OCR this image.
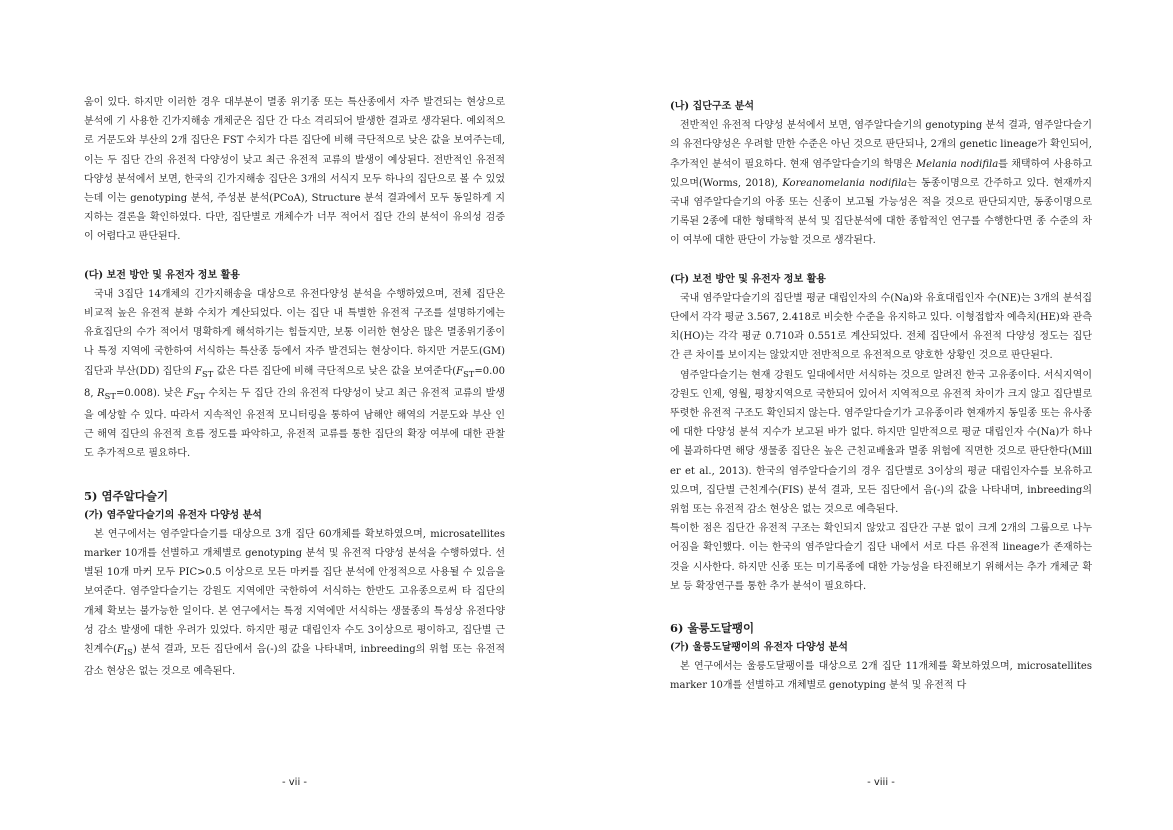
움이 있다. 하지만 이러한 경우 대부분이 멸종 위기종 또는 특산종에서 자주 발견되는 현상으로 분석에 기 사용한 긴가지해송 개체군은 집단 간 다소 격리되어 발생한 결과로 생각된다. 예외적으로 거문도와 부산의 2개 집단은 FST 수치가 다른 집단에 비해 극단적으로 낮은 값을 보여주는데, 이는 두 집단 간의 유전적 다양성이 낮고 최근 유전적 교류의 발생이 예상된다. 전반적인 유전적 다양성 분석에서 보면, 한국의 긴가지해송 집단은 3개의 서식지 모두 하나의 집단으로 볼 수 있었는데 이는 genotyping 분석, 주성분 분석(PCoA), Structure 분석 결과에서 모두 동일하게 지지하는 결론을 확인하였다. 다만, 집단별로 개체수가 너무 적어서 집단 간의 분석이 유의성 검증이 어렵다고 판단된다.

(다) 보전 방안 및 유전자 정보 활용

국내 3집단 14개체의 긴가지해송을 대상으로 유전다양성 분석을 수행하였으며, 전체 집단은 비교적 높은 유전적 분화 수치가 계산되었다. 이는 집단 내 특별한 유전적 구조를 설명하기에는 유효집단의 수가 적어서 명확하게 해석하기는 힘들지만, 보통 이러한 현상은 많은 멸종위기종이나 특정 지역에 국한하여 서식하는 특산종 등에서 자주 발견되는 현상이다. 하지만 거문도(GM) 집단과 부산(DD) 집단의 $F_{ST}$ 값은 다른 집단에 비해 극단적으로 낮은 값을 보여준다($F_{ST}=0.008$, $R_{ST}=0.008$). 낮은 $F_{ST}$ 수치는 두 집단 간의 유전적 다양성이 낮고 최근 유전적 교류의 발생을 예상할 수 있다. 따라서 지속적인 유전적 모니터링을 통하여 남해안 해역의 거문도와 부산 인근 해역 집단의 유전적 흐름 정도를 파악하고, 유전적 교류를 통한 집단의 확장 여부에 대한 관찰도 추가적으로 필요하다.

5) 염주알다슬기
(가) 염주알다슬기의 유전자 다양성 분석

본 연구에서는 염주알다슬기를 대상으로 3개 집단 60개체를 확보하였으며, microsatellites marker 10개를 선별하고 개체별로 genotyping 분석 및 유전적 다양성 분석을 수행하였다. 선별된 10개 마커 모두 PIC>0.5 이상으로 모든 마커를 집단 분석에 안정적으로 사용될 수 있음을 보여준다. 염주알다슬기는 강원도 지역에만 국한하여 서식하는 한반도 고유종으로써 타 집단의 개체 확보는 불가능한 일이다. 본 연구에서는 특정 지역에만 서식하는 생물종의 특성상 유전다양성 감소 발생에 대한 우려가 있었다. 하지만 평균 대립인자 수도 3이상으로 평이하고, 집단별 근친계수$(F_{IS})$ 분석 결과, 모든 집단에서 음(-)의 값을 나타내며, inbreeding의 위험 또는 유전적 감소 현상은 없는 것으로 예측된다.

- vii -
(나) 집단구조 분석

전반적인 유전적 다양성 분석에서 보면, 염주알다슬기의 genotyping 분석 결과, 염주알다슬기의 유전다양성은 우려할 만한 수준은 아닌 것으로 판단되나, 2개의 genetic lineage가 확인되어, 추가적인 분석이 필요하다. 현재 염주알다슬기의 학명은 Melania nodifila를 채택하여 사용하고 있으며(Worms, 2018), Koreanomelania nodifila는 동종이명으로 간주하고 있다. 현재까지 국내 염주알다슬기의 아종 또는 신종이 보고될 가능성은 적을 것으로 판단되지만, 동종이명으로 기록된 2종에 대한 형태학적 분석 및 집단분석에 대한 종합적인 연구를 수행한다면 종 수준의 차이 여부에 대한 판단이 가능할 것으로 생각된다.

(다) 보전 방안 및 유전자 정보 활용

국내 염주알다슬기의 집단별 평균 대립인자의 수(Na)와 유효대립인자 수(NE)는 3개의 분석집단에서 각각 평균 3.567, 2.418로 비슷한 수준을 유지하고 있다. 이형접합자 예측치(HE)와 관측치(HO)는 각각 평균 0.710과 0.551로 계산되었다. 전체 집단에서 유전적 다양성 정도는 집단 간 큰 차이를 보이지는 않았지만 전반적으로 유전적으로 양호한 상황인 것으로 판단된다.

염주알다슬기는 현재 강원도 일대에서만 서식하는 것으로 알려진 한국 고유종이다. 서식지역이 강원도 인제, 영월, 평창지역으로 국한되어 있어서 지역적으로 유전적 차이가 크지 않고 집단별로 뚜렷한 유전적 구조도 확인되지 않는다. 염주알다슬기가 고유종이라 현재까지 동일종 또는 유사종에 대한 다양성 분석 지수가 보고된 바가 없다. 하지만 일반적으로 평균 대립인자 수(Na)가 하나에 불과하다면 해당 생물종 집단은 높은 근친교배율과 멸종 위험에 직면한 것으로 판단한다(Miller et al., 2013). 한국의 염주알다슬기의 경우 집단별로 3이상의 평균 대립인자수를 보유하고 있으며, 집단별 근친계수(FIS) 분석 결과, 모든 집단에서 음(-)의 값을 나타내며, inbreeding의 위험 또는 유전적 감소 현상은 없는 것으로 예측된다.

특이한 점은 집단간 유전적 구조는 확인되지 않았고 집단간 구분 없이 크게 2개의 그룹으로 나누어짐을 확인했다. 이는 한국의 염주알다슬기 집단 내에서 서로 다른 유전적 lineage가 존재하는 것을 시사한다. 하지만 신종 또는 미기록종에 대한 가능성을 타진해보기 위해서는 추가 개체군 확보 등 확장연구를 통한 추가 분석이 필요하다.

6) 울릉도달팽이
(가) 울릉도달팽이의 유전자 다양성 분석

본 연구에서는 울릉도달팽이를 대상으로 2개 집단 11개체를 확보하였으며, microsatellites marker 10개를 선별하고 개체별로 genotyping 분석 및 유전적 다

- viii -
